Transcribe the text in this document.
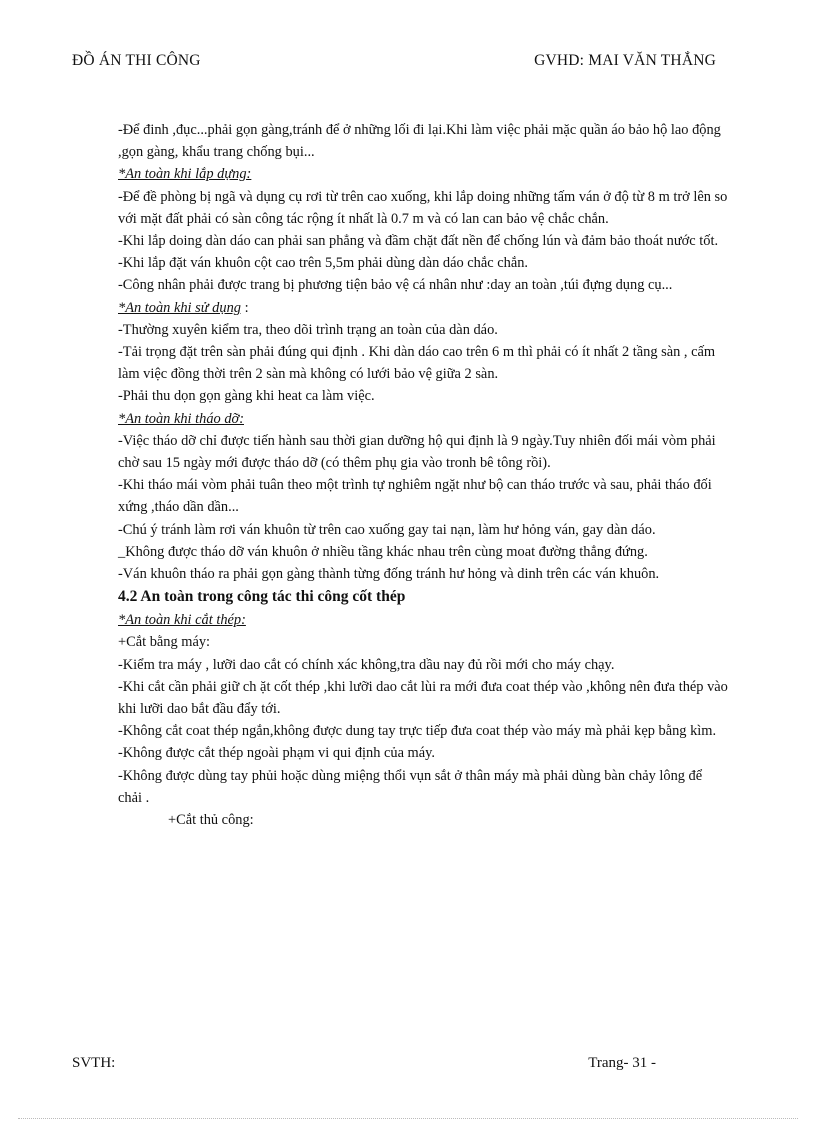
ĐỒ ÁN THI CÔNG	GVHD: MAI VĂN THẮNG

-Để đinh ,đục...phải gọn gàng,tránh để ở những lối đi lại.Khi làm việc phải mặc quần áo bảo hộ lao động ,gọn gàng, khẩu trang chống bụi...

*An toàn khi lắp dựng:

-Để đề phòng bị ngã và dụng cụ rơi từ trên cao xuống, khi lắp doing những tấm ván ở độ từ 8 m trở lên so với mặt đất phải có sàn công tác rộng ít nhất là 0.7 m và có lan can bảo vệ chắc chắn.

-Khi lắp doing dàn dáo can phải san phẳng và đầm chặt đất nền để chống lún và đảm bảo thoát nước tốt.

-Khi lắp đặt ván khuôn cột cao trên 5,5m phải dùng dàn dáo chắc chắn.

-Công nhân phải được trang bị phương tiện bảo vệ cá nhân như :day an toàn ,túi đựng dụng cụ...

*An toàn khi sử dụng :

-Thường xuyên kiểm tra, theo dõi trình trạng an toàn của dàn dáo.

-Tải trọng đặt trên sàn phải đúng qui định . Khi dàn dáo cao trên 6 m thì phải có ít nhất 2 tầng sàn , cấm làm việc đồng thời trên 2 sàn mà không có lưới bảo vệ giữa 2 sàn.

-Phải thu dọn gọn gàng khi heat ca làm việc.

*An toàn khi tháo dỡ:

-Việc tháo dỡ chỉ được tiến hành sau thời gian dưỡng hộ qui định là 9 ngày.Tuy nhiên đối mái vòm phải chờ sau 15 ngày mới được tháo dỡ (có thêm phụ gia vào tronh bê tông rồi).

-Khi tháo mái vòm phải tuân theo một trình tự nghiêm ngặt như bộ can tháo trước và sau, phải tháo đối xứng ,tháo dần dần...

-Chú ý tránh làm rơi ván khuôn từ trên cao xuống gay tai nạn, làm hư hỏng ván, gay dàn dáo.

_Không được tháo dỡ ván khuôn ở nhiều tầng khác nhau trên cùng moat đường thẳng đứng.

-Ván khuôn tháo ra phải gọn gàng thành từng đống tránh hư hỏng và dinh trên các ván khuôn.

4.2 An toàn trong công tác thi công cốt thép

*An toàn khi cắt thép:

+Cắt bằng máy:

-Kiểm tra máy , lưỡi dao cắt có chính xác không,tra dầu nay đủ rồi mới cho máy chạy.

-Khi cắt cần phải giữ ch ặt cốt thép ,khi lưỡi dao cắt lùi ra mới đưa coat thép vào ,không nên đưa thép vào khi lưỡi dao bắt đầu đẩy tới.

-Không cắt coat thép ngắn,không được dung tay trực tiếp đưa coat thép vào máy mà phải kẹp bằng kìm.

-Không được cắt thép ngoài phạm vi qui định của máy.

-Không được dùng tay phủi hoặc dùng miệng thổi vụn sắt ở thân máy mà phải dùng bàn chảy lông để chải .

+Cắt thủ công:

SVTH:	Trang- 31 -
